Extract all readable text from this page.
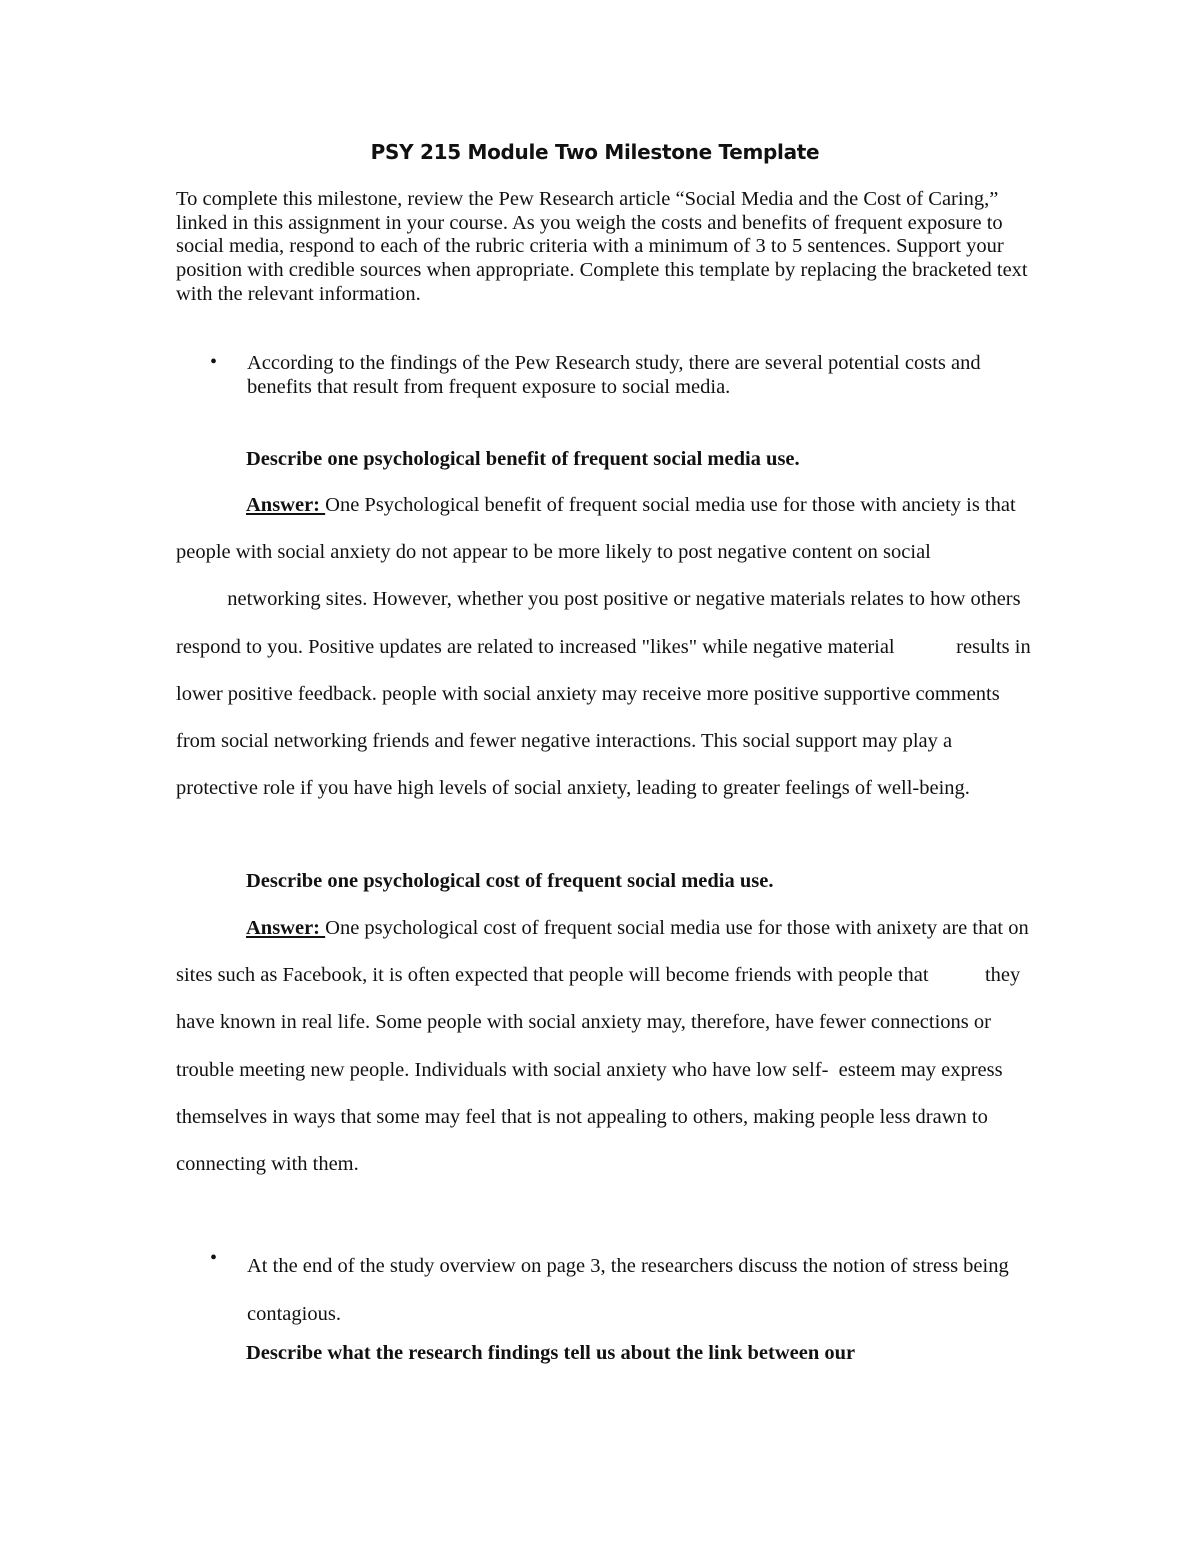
PSY 215 Module Two Milestone Template

To complete this milestone, review the Pew Research article “Social Media and the Cost of Caring,” linked in this assignment in your course. As you weigh the costs and benefits of frequent exposure to social media, respond to each of the rubric criteria with a minimum of 3 to 5 sentences. Support your position with credible sources when appropriate. Complete this template by replacing the bracketed text with the relevant information.

• According to the findings of the Pew Research study, there are several potential costs and benefits that result from frequent exposure to social media.

Describe one psychological benefit of frequent social media use.

Answer: One Psychological benefit of frequent social media use for those with anciety is that people with social anxiety do not appear to be more likely to post negative content on social           networking sites. However, whether you post positive or negative materials relates to how others respond to you. Positive updates are related to increased "likes" while negative material            results in lower positive feedback. people with social anxiety may receive more positive supportive comments from social networking friends and fewer negative interactions. This social support may play a protective role if you have high levels of social anxiety, leading to greater feelings of well-being.

Describe one psychological cost of frequent social media use.

Answer: One psychological cost of frequent social media use for those with anixety are that on sites such as Facebook, it is often expected that people will become friends with people that           they have known in real life. Some people with social anxiety may, therefore, have fewer connections or trouble meeting new people. Individuals with social anxiety who have low self-  esteem may express themselves in ways that some may feel that is not appealing to others, making people less drawn to connecting with them.

• At the end of the study overview on page 3, the researchers discuss the notion of stress being contagious.

Describe what the research findings tell us about the link between our
